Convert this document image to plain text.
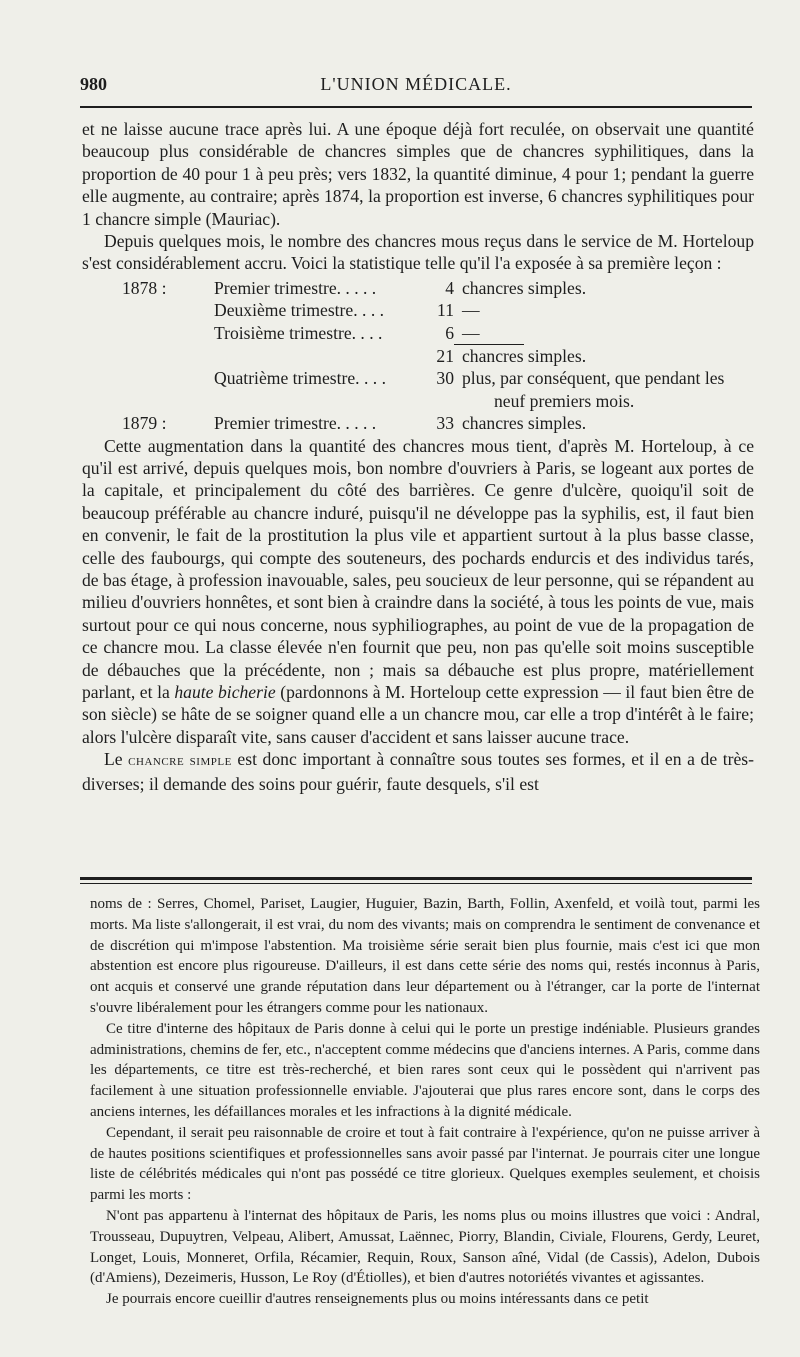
980	L'UNION MÉDICALE.

et ne laisse aucune trace après lui. A une époque déjà fort reculée, on observait une quantité beaucoup plus considérable de chancres simples que de chancres syphilitiques, dans la proportion de 40 pour 1 à peu près; vers 1832, la quantité diminue, 4 pour 1; pendant la guerre elle augmente, au contraire; après 1874, la proportion est inverse, 6 chancres syphilitiques pour 1 chancre simple (Mauriac).

Depuis quelques mois, le nombre des chancres mous reçus dans le service de M. Horteloup s'est considérablement accru. Voici la statistique telle qu'il l'a exposée à sa première leçon :

1878 :	Premier trimestre. . . . .	4 chancres simples.
Deuxième trimestre. . . .	11 —
Troisième trimestre. . . .	6 —
21 chancres simples.
Quatrième trimestre. . . .	30 plus, par conséquent, que pendant les
neuf premiers mois.
1879 :	Premier trimestre. . . . .	33 chancres simples.

Cette augmentation dans la quantité des chancres mous tient, d'après M. Horteloup, à ce qu'il est arrivé, depuis quelques mois, bon nombre d'ouvriers à Paris, se logeant aux portes de la capitale, et principalement du côté des barrières. Ce genre d'ulcère, quoiqu'il soit de beaucoup préférable au chancre induré, puisqu'il ne développe pas la syphilis, est, il faut bien en convenir, le fait de la prostitution la plus vile et appartient surtout à la plus basse classe, celle des faubourgs, qui compte des souteneurs, des pochards endurcis et des individus tarés, de bas étage, à profession inavouable, sales, peu soucieux de leur personne, qui se répandent au milieu d'ouvriers honnêtes, et sont bien à craindre dans la société, à tous les points de vue, mais surtout pour ce qui nous concerne, nous syphiliographes, au point de vue de la propagation de ce chancre mou. La classe élevée n'en fournit que peu, non pas qu'elle soit moins susceptible de débauches que la précédente, non ; mais sa débauche est plus propre, matériellement parlant, et la haute bicherie (pardonnons à M. Horteloup cette expression — il faut bien être de son siècle) se hâte de se soigner quand elle a un chancre mou, car elle a trop d'intérêt à le faire; alors l'ulcère disparaît vite, sans causer d'accident et sans laisser aucune trace.

Le chancre simple est donc important à connaître sous toutes ses formes, et il en a de très-diverses; il demande des soins pour guérir, faute desquels, s'il est

noms de : Serres, Chomel, Pariset, Laugier, Huguier, Bazin, Barth, Follin, Axenfeld, et voilà tout, parmi les morts. Ma liste s'allongerait, il est vrai, du nom des vivants; mais on comprendra le sentiment de convenance et de discrétion qui m'impose l'abstention. Ma troisième série serait bien plus fournie, mais c'est ici que mon abstention est encore plus rigoureuse. D'ailleurs, il est dans cette série des noms qui, restés inconnus à Paris, ont acquis et conservé une grande réputation dans leur département ou à l'étranger, car la porte de l'internat s'ouvre libéralement pour les étrangers comme pour les nationaux.

Ce titre d'interne des hôpitaux de Paris donne à celui qui le porte un prestige indéniable. Plusieurs grandes administrations, chemins de fer, etc., n'acceptent comme médecins que d'anciens internes. A Paris, comme dans les départements, ce titre est très-recherché, et bien rares sont ceux qui le possèdent qui n'arrivent pas facilement à une situation professionnelle enviable. J'ajouterai que plus rares encore sont, dans le corps des anciens internes, les défaillances morales et les infractions à la dignité médicale.

Cependant, il serait peu raisonnable de croire et tout à fait contraire à l'expérience, qu'on ne puisse arriver à de hautes positions scientifiques et professionnelles sans avoir passé par l'internat. Je pourrais citer une longue liste de célébrités médicales qui n'ont pas possédé ce titre glorieux. Quelques exemples seulement, et choisis parmi les morts :

N'ont pas appartenu à l'internat des hôpitaux de Paris, les noms plus ou moins illustres que voici : Andral, Trousseau, Dupuytren, Velpeau, Alibert, Amussat, Laënnec, Piorry, Blandin, Civiale, Flourens, Gerdy, Leuret, Longet, Louis, Monneret, Orfila, Récamier, Requin, Roux, Sanson aîné, Vidal (de Cassis), Adelon, Dubois (d'Amiens), Dezeimeris, Husson, Le Roy (d'Étiolles), et bien d'autres notoriétés vivantes et agissantes.

Je pourrais encore cueillir d'autres renseignements plus ou moins intéressants dans ce petit
